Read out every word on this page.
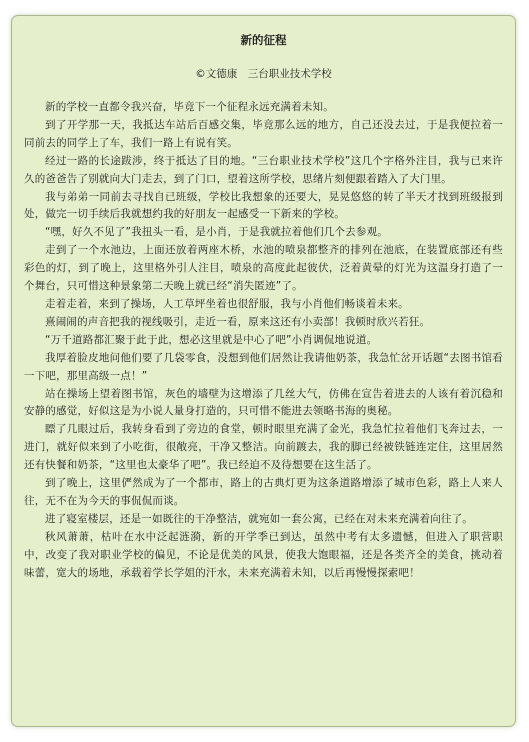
新的征程
©文德康　三台职业技术学校

新的学校一直都令我兴奋，毕竟下一个征程永远充满着未知。

到了开学那一天，我抵达车站后百感交集，毕竟那么远的地方，自己还没去过，于是我便拉着一同前去的同学上了车，我们一路上有说有笑。

经过一路的长途跋涉，终于抵达了目的地。“三台职业技术学校”这几个字格外注目，我与已来许久的爸爸告了别就向大门走去，到了门口，望着这所学校，思绪片刻便跟着踏入了大门里。

我与弟弟一同前去寻找自已班级，学校比我想象的还要大，晃晃悠悠的转了半天才找到班级报到处，做完一切手续后我就想约我的好朋友一起感受一下新来的学校。

“嘿，好久不见了”我扭头一看，是小肖，于是我就拉着他们几个去参观。

走到了一个水池边，上面还放着两座木桥，水池的喷泉都整齐的排列在池底，在装置底部还有些彩色的灯，到了晚上，这里格外引人注目，喷泉的高度此起彼伏，泛着黄晕的灯光为这温身打造了一个舞台，只可惜这种景象第二天晚上就已经“消失匿迹”了。

走着走着，来到了操场，人工草坪坐着也很舒服，我与小肖他们畅谈着未来。

熹闹闹的声音把我的视线吸引，走近一看，原来这还有小卖部！我顿时欣兴若狂。

“万千道路都汇聚于此于此，想必这里就是中心了吧”小肖调侃地说道。

我厚着脸皮地问他们要了几袋零食，没想到他们居然让我请他奶茶，我急忙岔开话题“去图书馆看一下吧，那里高级一点！”

站在操场上望着图书馆，灰色的墙壁为这增添了几丝大气，仿佛在宣告着进去的人该有着沉稳和安静的感觉，好似这是为小说人量身打造的，只可惜不能进去领略书海的奥秘。

瞟了几眼过后，我转身看到了旁边的食堂，顿时眼里充满了金光，我急忙拉着他们飞奔过去，一进门，就好似来到了小吃街，很敞亮，干净又整洁。向前踱去，我的脚已经被铁链连定住，这里居然还有快餐和奶茶，“这里也太豪华了吧”。我已经迫不及待想要在这生活了。

到了晚上，这里俨然成为了一个都市，路上的古典灯更为这条道路增添了城市色彩，路上人来人往，无不在为今天的事侃侃而谈。

进了寝室楼层，还是一如既往的干净整洁，就宛如一套公寓，已经在对未来充满着向往了。

秋风萧萧，枯叶在水中泛起涟漪，新的开学季已到达，虽然中考有太多遗憾，但进入了职营职中，改变了我对职业学校的偏见，不论是优美的风景，使我大饱眼福，还是各类齐全的美食，挑动着味蕾，宽大的场地，承载着学长学姐的汗水，未来充满着未知，以后再慢慢探索吧！
